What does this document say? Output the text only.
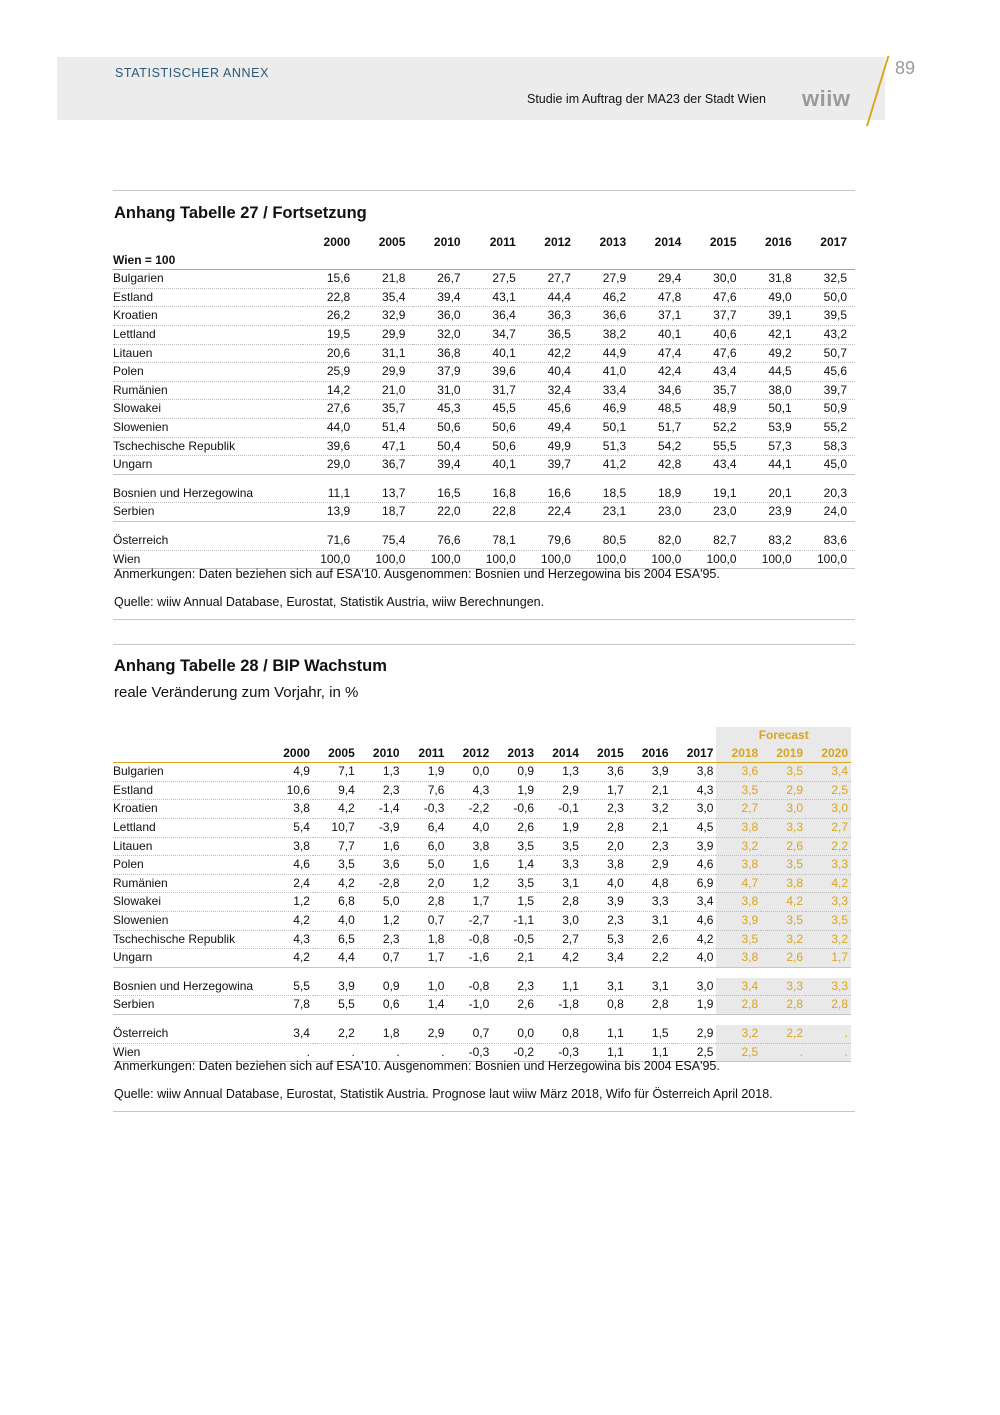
STATISTISCHER ANNEX
Studie im Auftrag der MA23 der Stadt Wien wiiw
89
Anhang Tabelle 27 / Fortsetzung
	2000	2005	2010	2011	2012	2013	2014	2015	2016	2017
Wien = 100										
Bulgarien	15,6	21,8	26,7	27,5	27,7	27,9	29,4	30,0	31,8	32,5
Estland	22,8	35,4	39,4	43,1	44,4	46,2	47,8	47,6	49,0	50,0
Kroatien	26,2	32,9	36,0	36,4	36,3	36,6	37,1	37,7	39,1	39,5
Lettland	19,5	29,9	32,0	34,7	36,5	38,2	40,1	40,6	42,1	43,2
Litauen	20,6	31,1	36,8	40,1	42,2	44,9	47,4	47,6	49,2	50,7
Polen	25,9	29,9	37,9	39,6	40,4	41,0	42,4	43,4	44,5	45,6
Rumänien	14,2	21,0	31,0	31,7	32,4	33,4	34,6	35,7	38,0	39,7
Slowakei	27,6	35,7	45,3	45,5	45,6	46,9	48,5	48,9	50,1	50,9
Slowenien	44,0	51,4	50,6	50,6	49,4	50,1	51,7	52,2	53,9	55,2
Tschechische Republik	39,6	47,1	50,4	50,6	49,9	51,3	54,2	55,5	57,3	58,3
Ungarn	29,0	36,7	39,4	40,1	39,7	41,2	42,8	43,4	44,1	45,0

Bosnien und Herzegowina	11,1	13,7	16,5	16,8	16,6	18,5	18,9	19,1	20,1	20,3
Serbien	13,9	18,7	22,0	22,8	22,4	23,1	23,0	23,0	23,9	24,0

Österreich	71,6	75,4	76,6	78,1	79,6	80,5	82,0	82,7	83,2	83,6
Wien	100,0	100,0	100,0	100,0	100,0	100,0	100,0	100,0	100,0	100,0
Anmerkungen: Daten beziehen sich auf ESA'10. Ausgenommen: Bosnien und Herzegowina bis 2004 ESA'95.
Quelle: wiiw Annual Database, Eurostat, Statistik Austria, wiiw Berechnungen.
Anhang Tabelle 28 / BIP Wachstum
reale Veränderung zum Vorjahr, in %
											Forecast		
	2000	2005	2010	2011	2012	2013	2014	2015	2016	2017	2018	2019	2020
Bulgarien	4,9	7,1	1,3	1,9	0,0	0,9	1,3	3,6	3,9	3,8	3,6	3,5	3,4
Estland	10,6	9,4	2,3	7,6	4,3	1,9	2,9	1,7	2,1	4,3	3,5	2,9	2,5
Kroatien	3,8	4,2	-1,4	-0,3	-2,2	-0,6	-0,1	2,3	3,2	3,0	2,7	3,0	3,0
Lettland	5,4	10,7	-3,9	6,4	4,0	2,6	1,9	2,8	2,1	4,5	3,8	3,3	2,7
Litauen	3,8	7,7	1,6	6,0	3,8	3,5	3,5	2,0	2,3	3,9	3,2	2,6	2,2
Polen	4,6	3,5	3,6	5,0	1,6	1,4	3,3	3,8	2,9	4,6	3,8	3,5	3,3
Rumänien	2,4	4,2	-2,8	2,0	1,2	3,5	3,1	4,0	4,8	6,9	4,7	3,8	4,2
Slowakei	1,2	6,8	5,0	2,8	1,7	1,5	2,8	3,9	3,3	3,4	3,8	4,2	3,3
Slowenien	4,2	4,0	1,2	0,7	-2,7	-1,1	3,0	2,3	3,1	4,6	3,9	3,5	3,5
Tschechische Republik	4,3	6,5	2,3	1,8	-0,8	-0,5	2,7	5,3	2,6	4,2	3,5	3,2	3,2
Ungarn	4,2	4,4	0,7	1,7	-1,6	2,1	4,2	3,4	2,2	4,0	3,8	2,6	1,7

Bosnien und Herzegowina	5,5	3,9	0,9	1,0	-0,8	2,3	1,1	3,1	3,1	3,0	3,4	3,3	3,3
Serbien	7,8	5,5	0,6	1,4	-1,0	2,6	-1,8	0,8	2,8	1,9	2,8	2,8	2,8

Österreich	3,4	2,2	1,8	2,9	0,7	0,0	0,8	1,1	1,5	2,9	3,2	2,2	.
Wien	.	.	.	.	-0,3	-0,2	-0,3	1,1	1,1	2,5	2,5	.	.
Anmerkungen: Daten beziehen sich auf ESA'10. Ausgenommen: Bosnien und Herzegowina bis 2004 ESA'95.
Quelle: wiiw Annual Database, Eurostat, Statistik Austria. Prognose laut wiiw März 2018, Wifo für Österreich April 2018.
